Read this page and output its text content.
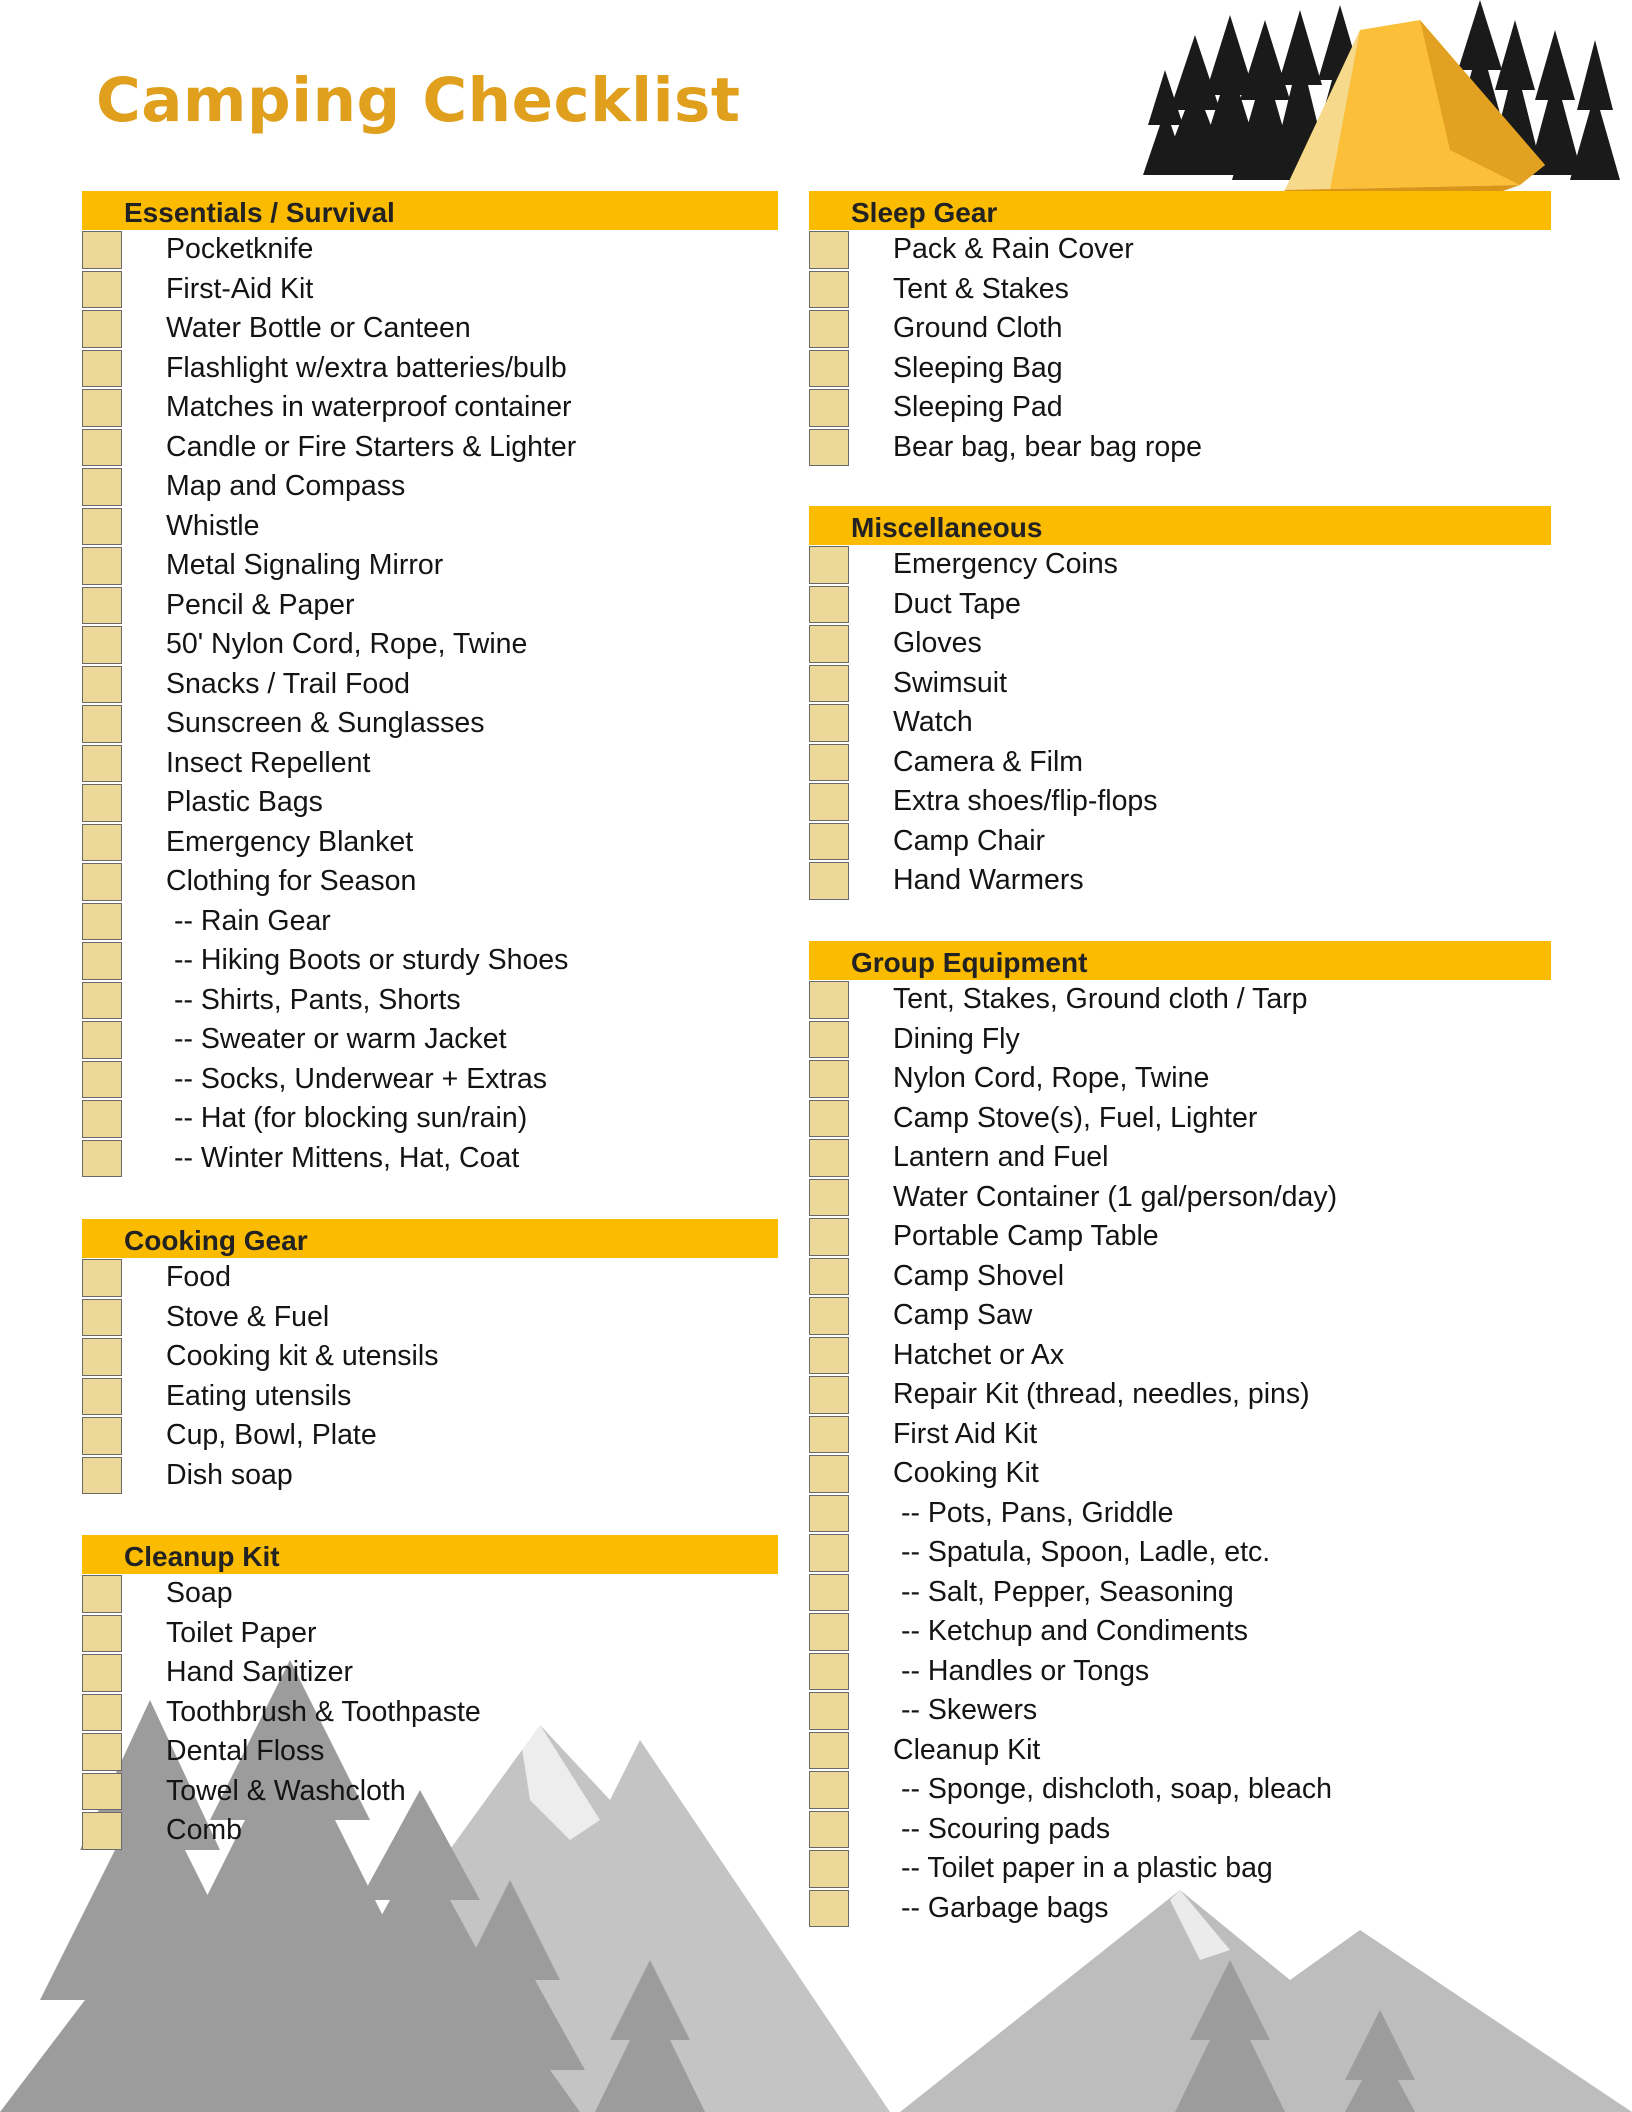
Camping Checklist
Essentials / Survival
Pocketknife
First-Aid Kit
Water Bottle or Canteen
Flashlight w/extra batteries/bulb
Matches in waterproof container
Candle or Fire Starters & Lighter
Map and Compass
Whistle
Metal Signaling Mirror
Pencil & Paper
50' Nylon Cord, Rope, Twine
Snacks / Trail Food
Sunscreen & Sunglasses
Insect Repellent
Plastic Bags
Emergency Blanket
Clothing for Season
-- Rain Gear
-- Hiking Boots or sturdy Shoes
-- Shirts, Pants, Shorts
-- Sweater or warm Jacket
-- Socks, Underwear + Extras
-- Hat (for blocking sun/rain)
-- Winter Mittens, Hat, Coat
Cooking Gear
Food
Stove & Fuel
Cooking kit & utensils
Eating utensils
Cup, Bowl, Plate
Dish soap
Cleanup Kit
Soap
Toilet Paper
Hand Sanitizer
Toothbrush & Toothpaste
Dental Floss
Towel & Washcloth
Comb
Sleep Gear
Pack & Rain Cover
Tent & Stakes
Ground Cloth
Sleeping Bag
Sleeping Pad
Bear bag, bear bag rope
Miscellaneous
Emergency Coins
Duct Tape
Gloves
Swimsuit
Watch
Camera & Film
Extra shoes/flip-flops
Camp Chair
Hand Warmers
Group Equipment
Tent, Stakes, Ground cloth / Tarp
Dining Fly
Nylon Cord, Rope, Twine
Camp Stove(s), Fuel, Lighter
Lantern and Fuel
Water Container (1 gal/person/day)
Portable Camp Table
Camp Shovel
Camp Saw
Hatchet or Ax
Repair Kit (thread, needles, pins)
First Aid Kit
Cooking Kit
-- Pots, Pans, Griddle
-- Spatula, Spoon, Ladle, etc.
-- Salt, Pepper, Seasoning
-- Ketchup and Condiments
-- Handles or Tongs
-- Skewers
Cleanup Kit
-- Sponge, dishcloth, soap, bleach
-- Scouring pads
-- Toilet paper in a plastic bag
-- Garbage bags
